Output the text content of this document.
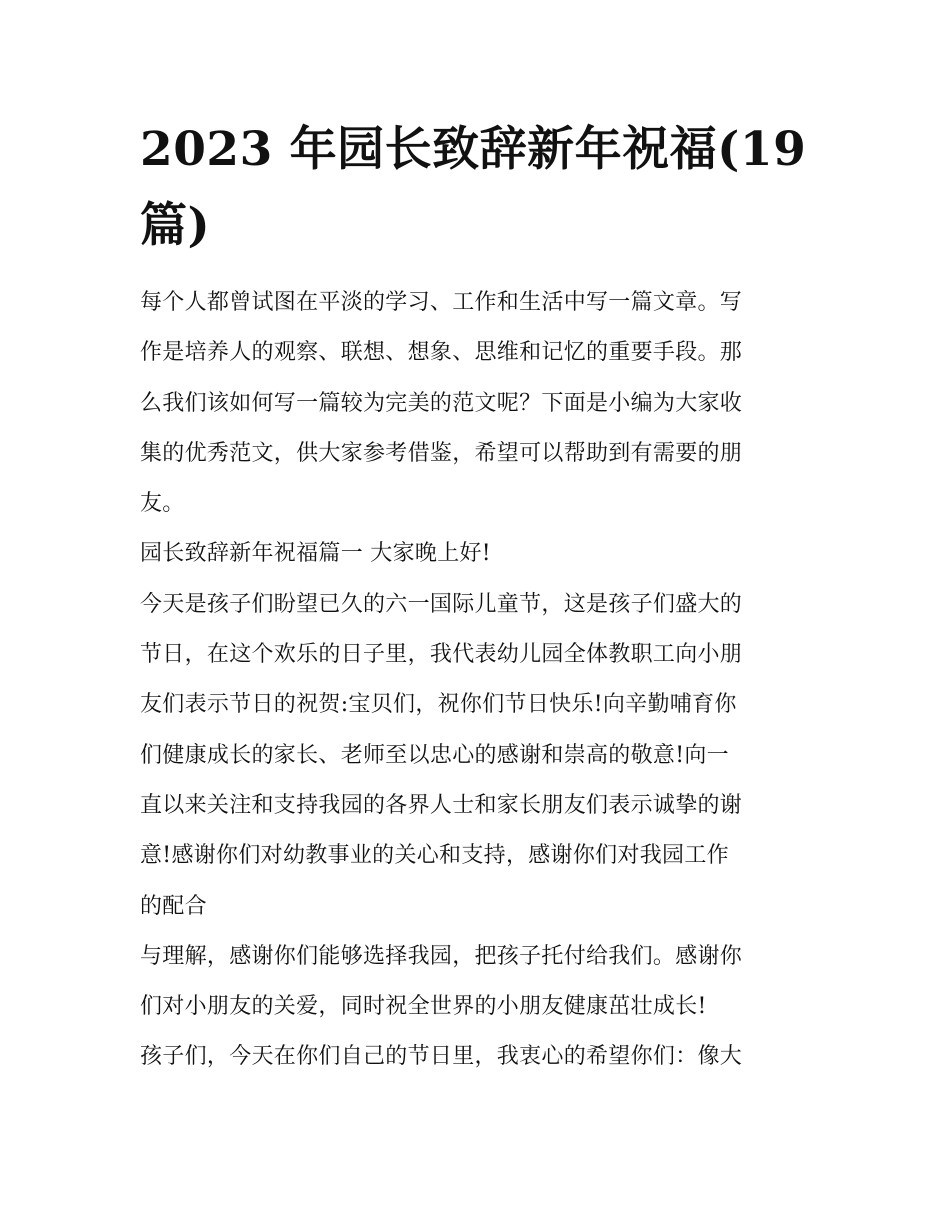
2023 年园长致辞新年祝福(19
篇)

每个人都曾试图在平淡的学习、工作和生活中写一篇文章。写
作是培养人的观察、联想、想象、思维和记忆的重要手段。那
么我们该如何写一篇较为完美的范文呢？下面是小编为大家收
集的优秀范文，供大家参考借鉴，希望可以帮助到有需要的朋
友。

园长致辞新年祝福篇一 大家晚上好!

今天是孩子们盼望已久的六一国际儿童节，这是孩子们盛大的
节日，在这个欢乐的日子里，我代表幼儿园全体教职工向小朋
友们表示节日的祝贺:宝贝们，祝你们节日快乐!向辛勤哺育你
们健康成长的家长、老师至以忠心的感谢和崇高的敬意!向一
直以来关注和支持我园的各界人士和家长朋友们表示诚挚的谢
意!感谢你们对幼教事业的关心和支持，感谢你们对我园工作
的配合

与理解，感谢你们能够选择我园，把孩子托付给我们。感谢你
们对小朋友的关爱，同时祝全世界的小朋友健康茁壮成长!

孩子们，今天在你们自己的节日里，我衷心的希望你们：像大
